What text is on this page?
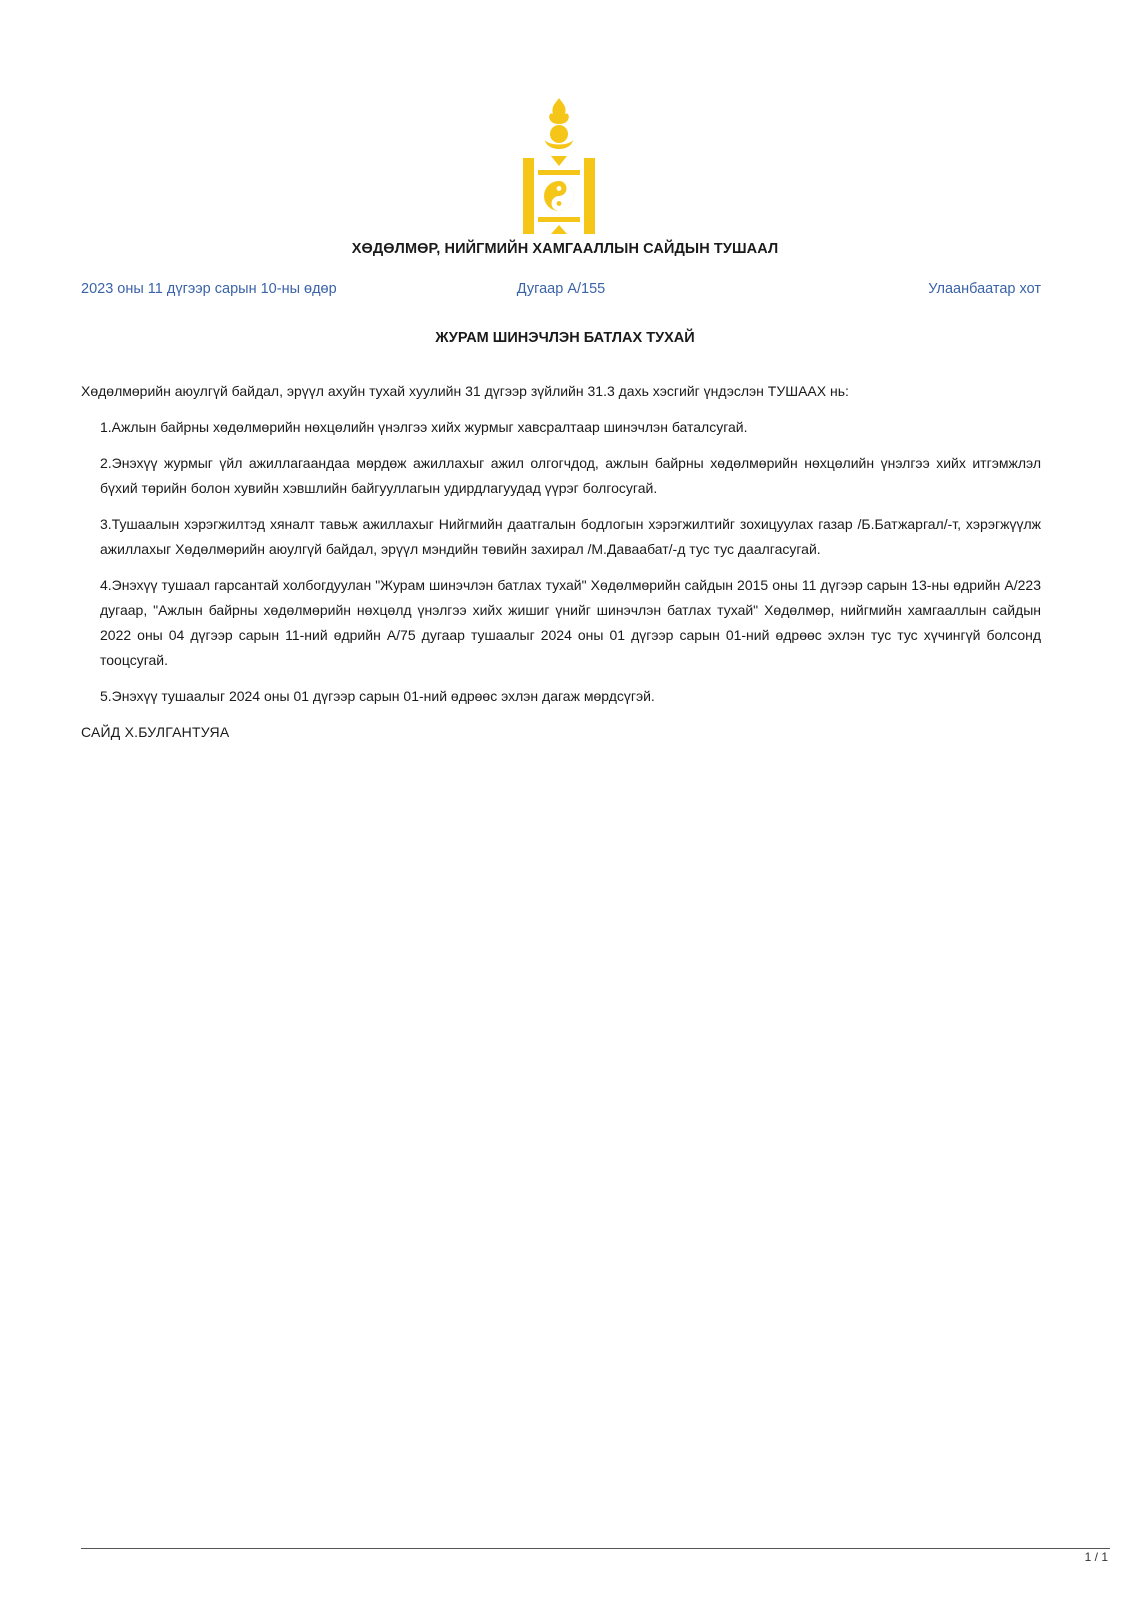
ХӨДӨЛМӨР, НИЙГМИЙН ХАМГААЛЛЫН САЙДЫН ТУШААЛ
Дугаар А/155
2023 оны 11 дүгээр сарын 10-ны өдөр	Улаанбаатар хот
ЖУРАМ ШИНЭЧЛЭН БАТЛАХ ТУХАЙ

Хөдөлмөрийн аюулгүй байдал, эрүүл ахуйн тухай хуулийн 31 дүгээр зүйлийн 31.3 дахь хэсгийг үндэслэн ТУШААХ нь:

1.Ажлын байрны хөдөлмөрийн нөхцөлийн үнэлгээ хийх журмыг хавсралтаар шинэчлэн баталсугай.

2.Энэхүү журмыг үйл ажиллагаандаа мөрдөж ажиллахыг ажил олгогчдод, ажлын байрны хөдөлмөрийн нөхцөлийн үнэлгээ хийх итгэмжлэл бүхий төрийн болон хувийн хэвшлийн байгууллагын удирдлагуудад үүрэг болгосугай.

3.Тушаалын хэрэгжилтэд хяналт тавьж ажиллахыг Нийгмийн даатгалын бодлогын хэрэгжилтийг зохицуулах газар /Б.Батжаргал/-т, хэрэгжүүлж ажиллахыг Хөдөлмөрийн аюулгүй байдал, эрүүл мэндийн төвийн захирал /М.Даваабат/-д тус тус даалгасугай.

4.Энэхүү тушаал гарсантай холбогдуулан "Журам шинэчлэн батлах тухай" Хөдөлмөрийн сайдын 2015 оны 11 дүгээр сарын 13-ны өдрийн А/223 дугаар, "Ажлын байрны хөдөлмөрийн нөхцөлд үнэлгээ хийх жишиг үнийг шинэчлэн батлах тухай" Хөдөлмөр, нийгмийн хамгааллын сайдын 2022 оны 04 дүгээр сарын 11-ний өдрийн А/75 дугаар тушаалыг 2024 оны 01 дүгээр сарын 01-ний өдрөөс эхлэн тус тус хүчингүй болсонд тооцсугай.

5.Энэхүү тушаалыг 2024 оны 01 дүгээр сарын 01-ний өдрөөс эхлэн дагаж мөрдсүгэй.

САЙД Х.БУЛГАНТУЯА

1 / 1
